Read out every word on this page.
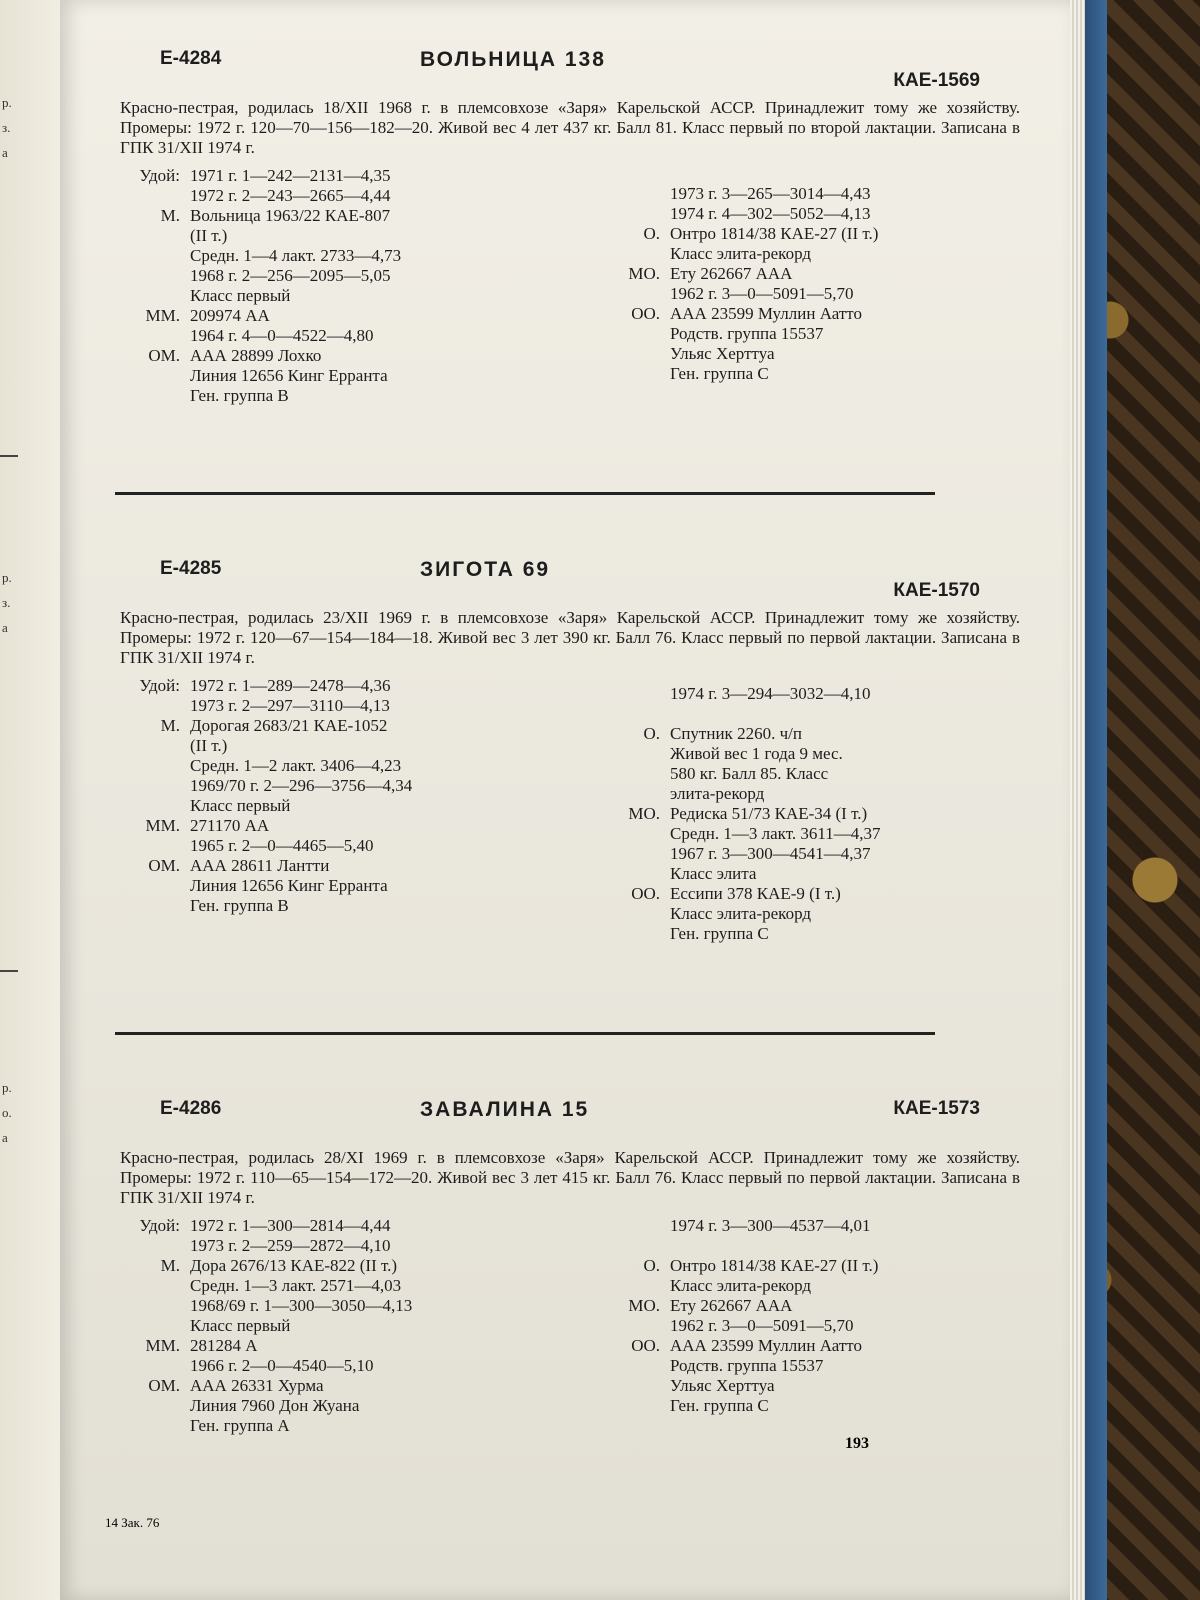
р.
з.
а
р.
з.
а
р.
о.
а
Е-4284	ВОЛЬНИЦА 138
КАЕ-1569
Красно-пестрая, родилась 18/XII 1968 г. в племсовхозе «Заря» Карельской АССР. Принадлежит тому же хозяйству. Промеры: 1972 г. 120—70—156—182—20. Живой вес 4 лет 437 кг. Балл 81. Класс первый по второй лактации. Записана в ГПК 31/XII 1974 г.
Удой: 1971 г. 1—242—2131—4,35
1972 г. 2—243—2665—4,44
М. Вольница 1963/22 КАЕ-807
(II т.)
Средн. 1—4 лакт. 2733—4,73
1968 г. 2—256—2095—5,05
Класс первый
ММ. 209974 АА
1964 г. 4—0—4522—4,80
ОМ. ААА 28899 Лохко
Линия 12656 Кинг Ерранта
Ген. группа В
1973 г. 3—265—3014—4,43
1974 г. 4—302—5052—4,13
О. Онтро 1814/38 КАЕ-27 (II т.)
Класс элита-рекорд
МО. Ету 262667 ААА
1962 г. 3—0—5091—5,70
ОО. ААА 23599 Муллин Аатто
Родств. группа 15537
Ульяс Херттуа
Ген. группа С
Е-4285	ЗИГОТА 69
КАЕ-1570
Красно-пестрая, родилась 23/XII 1969 г. в племсовхозе «Заря» Карельской АССР. Принадлежит тому же хозяйству. Промеры: 1972 г. 120—67—154—184—18. Живой вес 3 лет 390 кг. Балл 76. Класс первый по первой лактации. Записана в ГПК 31/XII 1974 г.
Удой: 1972 г. 1—289—2478—4,36
1973 г. 2—297—3110—4,13
М. Дорогая 2683/21 КАЕ-1052
(II т.)
Средн. 1—2 лакт. 3406—4,23
1969/70 г. 2—296—3756—4,34
Класс первый
ММ. 271170 АА
1965 г. 2—0—4465—5,40
ОМ. ААА 28611 Лантти
Линия 12656 Кинг Ерранта
Ген. группа В
1974 г. 3—294—3032—4,10
О. Спутник 2260. ч/п
Живой вес 1 года 9 мес.
580 кг. Балл 85. Класс
элита-рекорд
МО. Редиска 51/73 КАЕ-34 (I т.)
Средн. 1—3 лакт. 3611—4,37
1967 г. 3—300—4541—4,37
Класс элита
ОО. Ессипи 378 КАЕ-9 (I т.)
Класс элита-рекорд
Ген. группа С
Е-4286	ЗАВАЛИНА 15	КАЕ-1573
Красно-пестрая, родилась 28/XI 1969 г. в племсовхозе «Заря» Карельской АССР. Принадлежит тому же хозяйству. Промеры: 1972 г. 110—65—154—172—20. Живой вес 3 лет 415 кг. Балл 76. Класс первый по первой лактации. Записана в ГПК 31/XII 1974 г.
Удой: 1972 г. 1—300—2814—4,44
1973 г. 2—259—2872—4,10
М. Дора 2676/13 КАЕ-822 (II т.)
Средн. 1—3 лакт. 2571—4,03
1968/69 г. 1—300—3050—4,13
Класс первый
ММ. 281284 А
1966 г. 2—0—4540—5,10
ОМ. ААА 26331 Хурма
Линия 7960 Дон Жуана
Ген. группа А
1974 г. 3—300—4537—4,01
О. Онтро 1814/38 КАЕ-27 (II т.)
Класс элита-рекорд
МО. Ету 262667 ААА
1962 г. 3—0—5091—5,70
ОО. ААА 23599 Муллин Аатто
Родств. группа 15537
Ульяс Херттуа
Ген. группа С
193
14 Зак. 76
